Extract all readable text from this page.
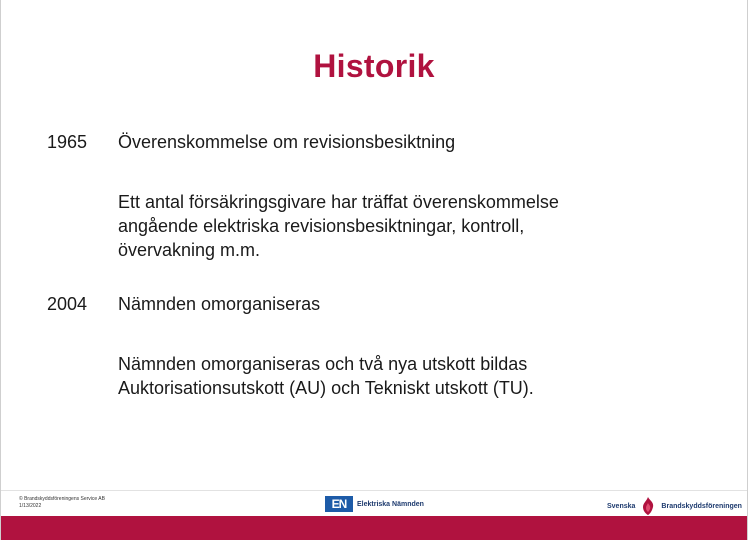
Historik
1965 Överenskommelse om revisionsbesiktning
Ett antal försäkringsgivare har träffat överenskommelse
angående elektriska revisionsbesiktningar, kontroll,
övervakning m.m.
2004 Nämnden omorganiseras
Nämnden omorganiseras och två nya utskott bildas
Auktorisationsutskott (AU) och Tekniskt utskott (TU).
© Brandskyddsföreningens Service AB
1/13/2022	EN	Elektriska Nämnden	Svenska	Brandskyddsföreningen
